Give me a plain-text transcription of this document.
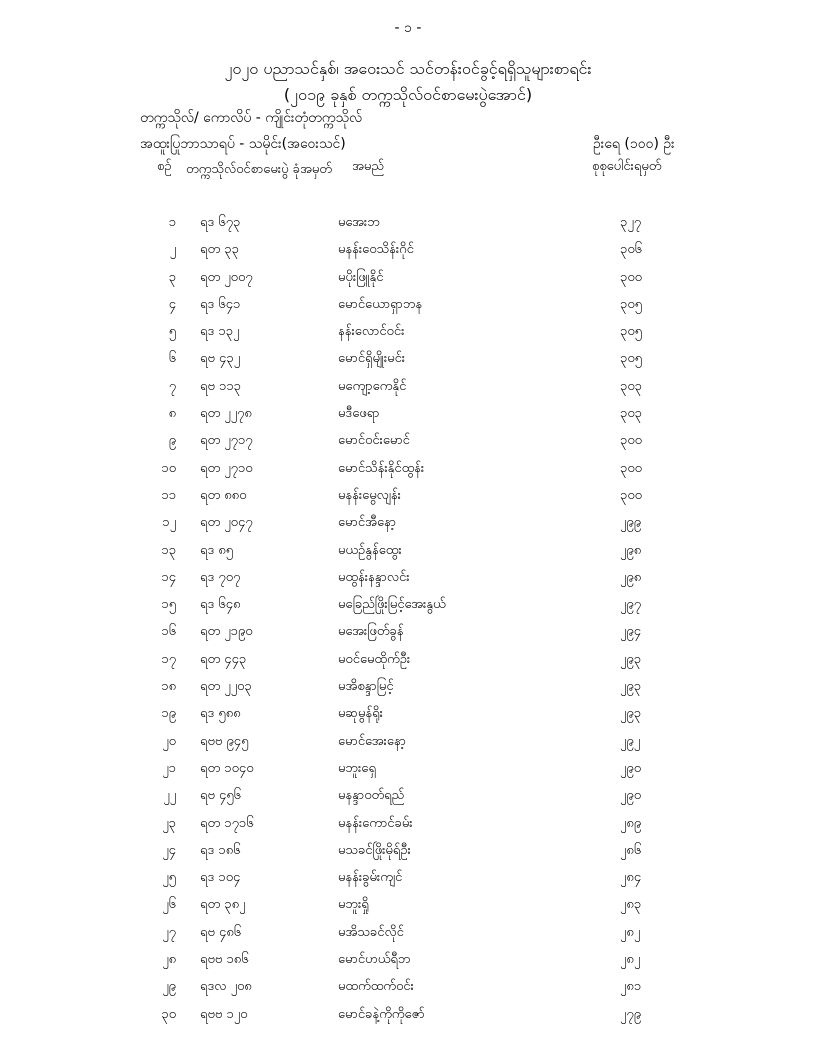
- ၁ -
၂၀၂၀ ပညာသင်နှစ်၊ အဝေးသင် သင်တန်းဝင်ခွင့်ရရှိသူများစာရင်း
(၂၀၁၉ ခုနှစ် တက္ကသိုလ်ဝင်စာမေးပွဲအောင်)
တက္ကသိုလ်/ ကောလိပ် - ကျိုင်းတုံတက္ကသိုလ်
အထူးပြုဘာသာရပ် - သမိုင်း(အဝေးသင်)	ဦးရေ (၁၀၀) ဦး
စဉ် တက္ကသိုလ်ဝင်စာမေးပွဲ ခုံအမှတ်	အမည်	စုစုပေါင်းရမှတ်
၁ ရဒ ၆၇၃	မအေးဘ	၃၂၇
၂ ရတ ၃၃	မနန်းဝေသိန်းဂိုင်	၃၀၆
၃ ရတ ၂၀၀၇	မပိုးဖြူနိုင်	၃၀၀
၄ ရဒ ၆၄၁	မောင်ယောရှာဘန	၃၀၅
၅ ရဒ ၁၃၂	နန်းလောင်ဝင်း	၃၀၅
၆ ရဗ ၄၃၂	မောင်ရှိမျိုးမင်း	၃၀၅
၇ ရဗ ၁၁၃	မကျော့ကေနိုင်	၃၀၃
၈ ရတ ၂၂၇၈	မဒီဖေရာ	၃၀၃
၉ ရတ ၂၇၁၇	မောင်ဝင်းမောင်	၃၀၀
၁၀ ရတ ၂၇၁၀	မောင်သိန်းနိုင်ထွန်း	၃၀၀
၁၁ ရတ ၈၈၀	မနန်းမွေလျန်း	၃၀၀
၁၂ ရတ ၂၀၄၇	မောင်အီနော့	၂၉၉
၁၃ ရဒ ၈၅	မယဉ်နွန်ထွေး	၂၉၈
၁၄ ရဒ ၇၀၇	မထွန်းနန္ဒာလင်း	၂၉၈
၁၅ ရဒ ၆၄၈	မခြေည်ဖြိုးမြင့်အေးနွယ်	၂၉၇
၁၆ ရတ ၂၁၉၀	မအေးဖြတ်ခွန်	၂၉၄
၁၇ ရတ ၄၄၃	မဝင်မေထိုက်ဦး	၂၉၃
၁၈ ရတ ၂၂၀၃	မအိစန္ဒာမြင့်	၂၉၃
၁၉ ရဒ ၅၈၈	မဆုမွန်ရိုး	၂၉၃
၂၀ ရဗဗ ၉၄၅	မောင်အေးနော့	၂၉၂
၂၁ ရတ ၁၀၄၀	မဘူးရှေ	၂၉၀
၂၂ ရဗ ၄၅၆	မနန္ဒာဝတ်ရည်	၂၉၀
၂၃ ရတ ၁၇၁၆	မနန်းကောင်ခမ်း	၂၈၉
၂၄ ရဒ ၁၈၆	မသခင်ဖြိုးမိုရ်ဦး	၂၈၆
၂၅ ရဒ ၁၀၄	မနန်းခွမ်းကျင်	၂၈၄
၂၆ ရတ ၃၈၂	မဘူးရှို	၂၈၃
၂၇ ရဗ ၄၈၆	မအိသခင်လိုင်	၂၈၂
၂၈ ရဗဗ ၁၈၆	မောင်ဟယ်ရီဘ	၂၈၂
၂၉ ရဒလ ၂၀၈	မထက်ထက်ဝင်း	၂၈၁
၃၀ ရဗဗ ၁၂၀	မောင်ခနဲ့ကိုကိုဇော်	၂၇၉
